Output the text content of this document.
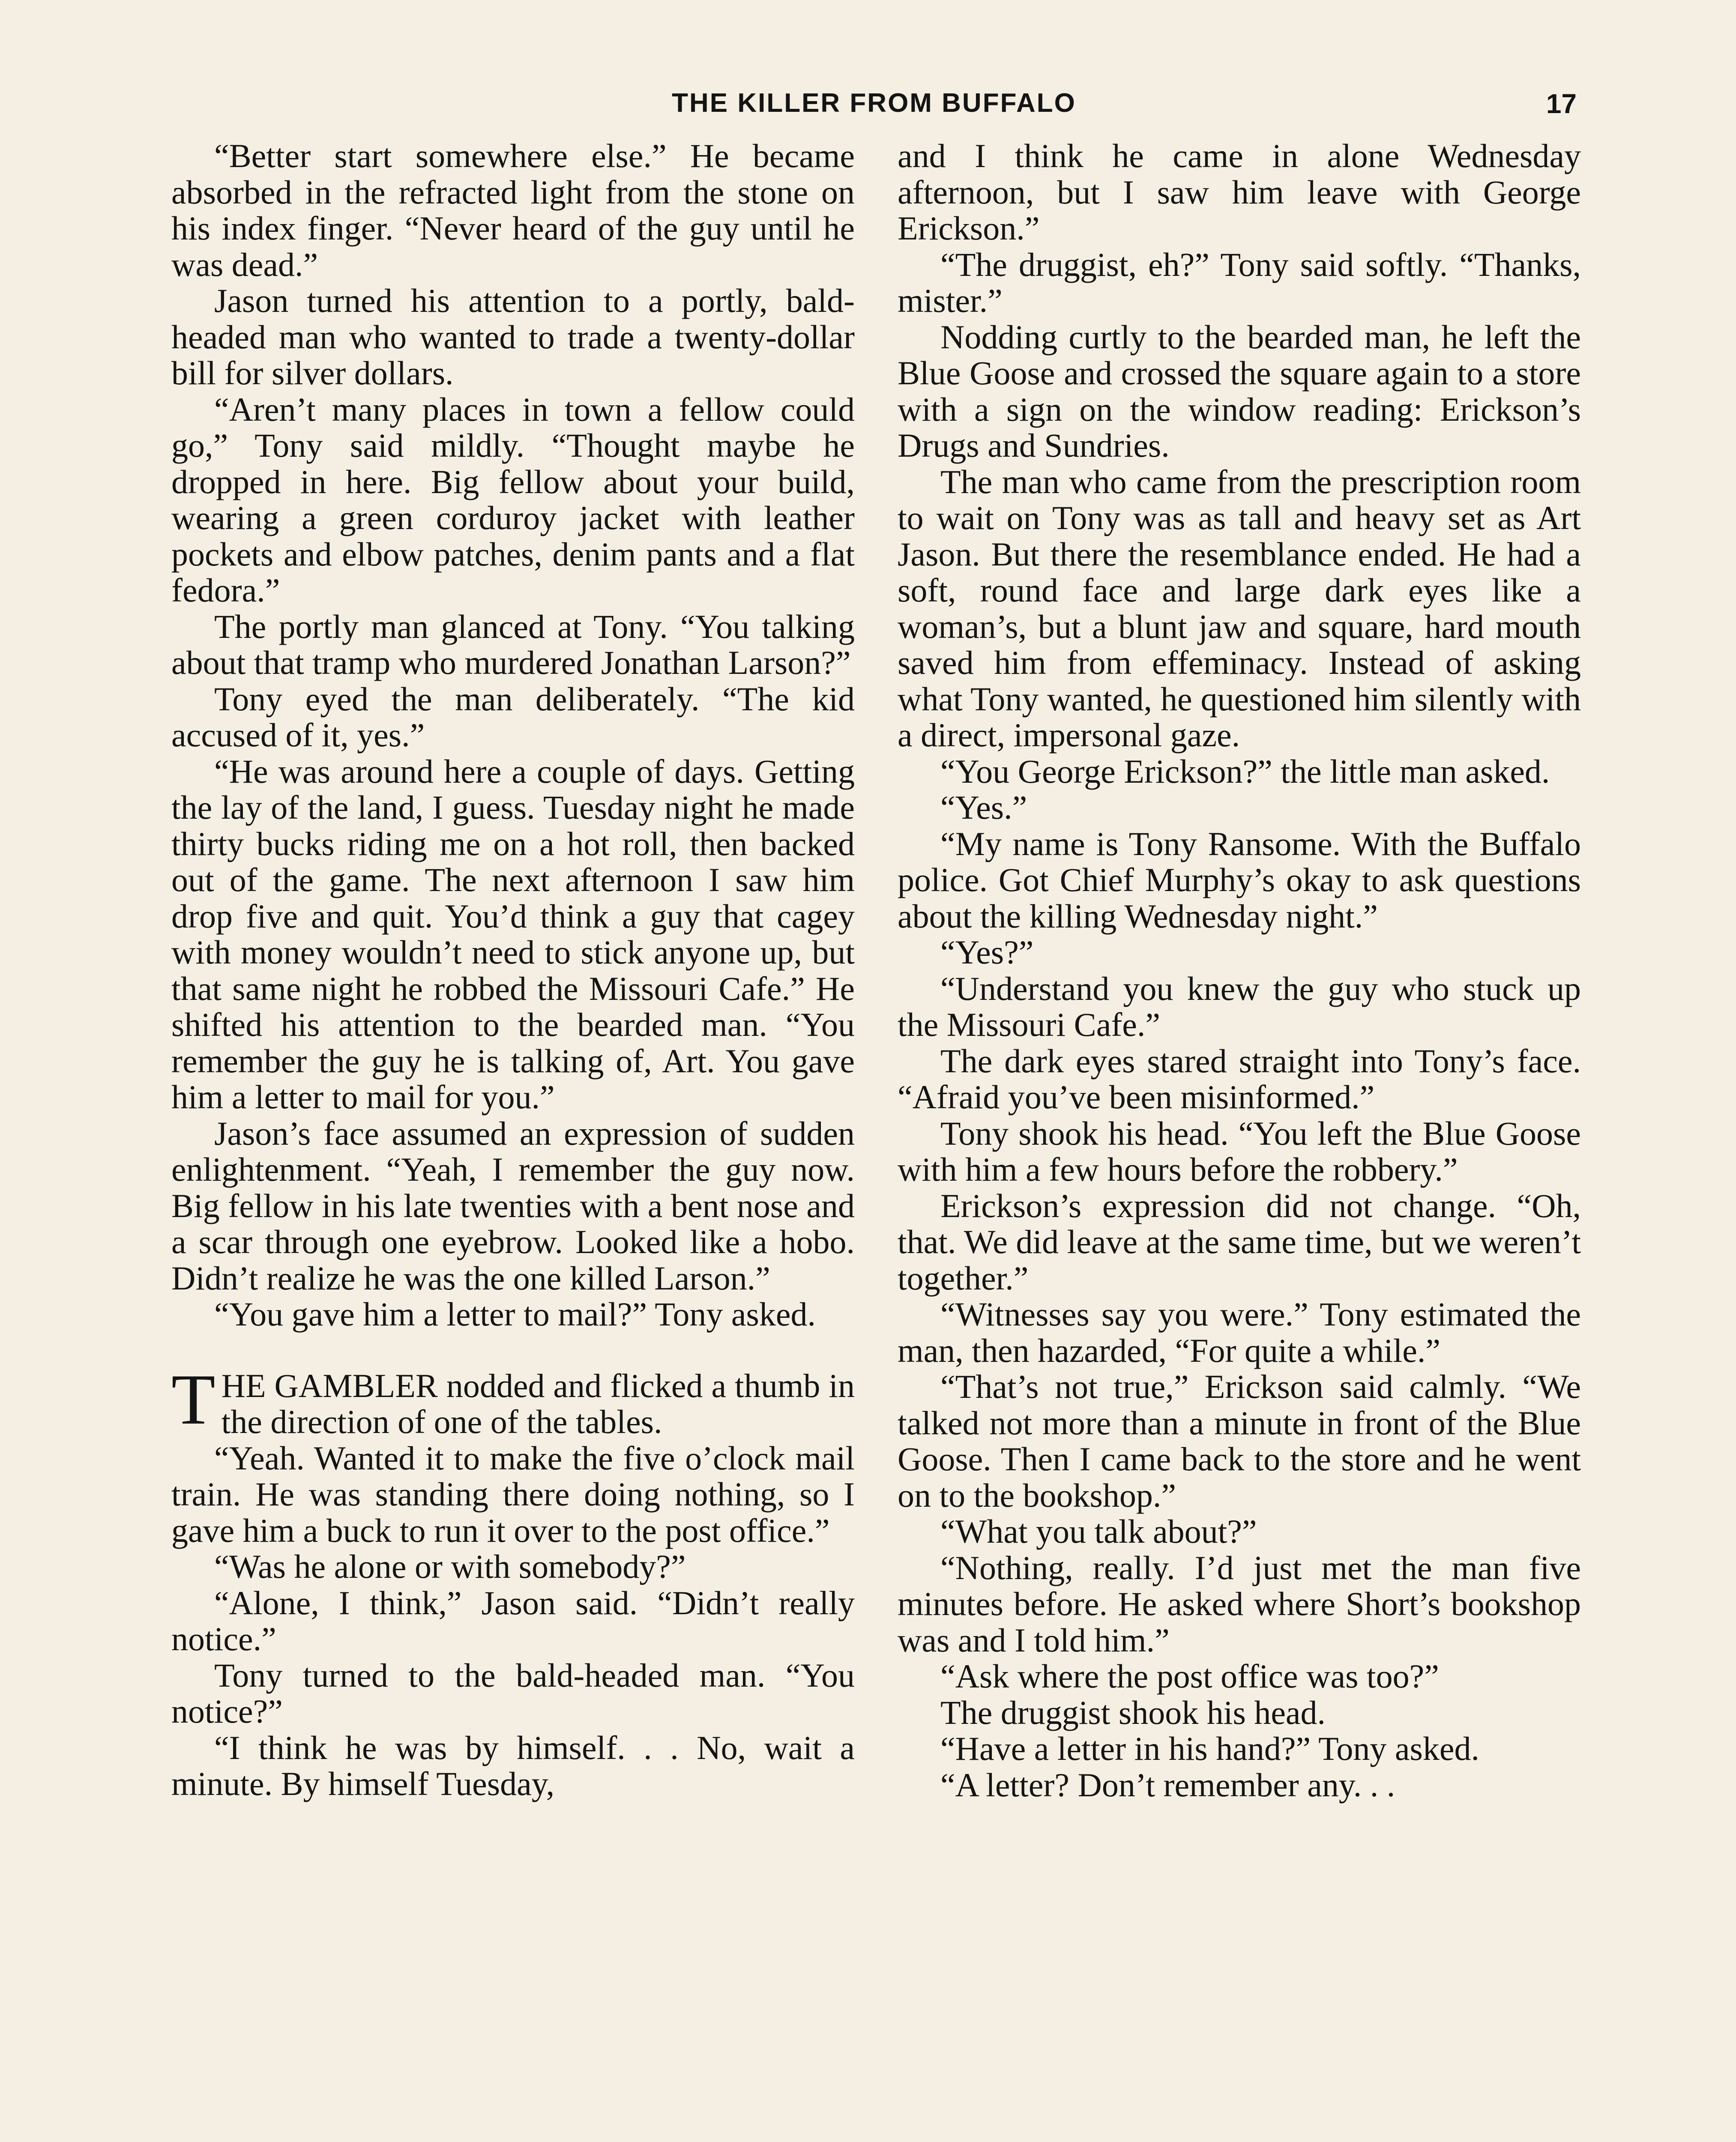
THE KILLER FROM BUFFALO	17

“Better start somewhere else.” He became absorbed in the refracted light from the stone on his index finger. “Never heard of the guy until he was dead.”

Jason turned his attention to a portly, bald-headed man who wanted to trade a twenty-dollar bill for silver dollars.

“Aren’t many places in town a fellow could go,” Tony said mildly. “Thought maybe he dropped in here. Big fellow about your build, wearing a green corduroy jacket with leather pockets and elbow patches, denim pants and a flat fedora.”

The portly man glanced at Tony. “You talking about that tramp who murdered Jonathan Larson?”

Tony eyed the man deliberately. “The kid accused of it, yes.”

“He was around here a couple of days. Getting the lay of the land, I guess. Tuesday night he made thirty bucks riding me on a hot roll, then backed out of the game. The next afternoon I saw him drop five and quit. You’d think a guy that cagey with money wouldn’t need to stick anyone up, but that same night he robbed the Missouri Cafe.” He shifted his attention to the bearded man. “You remember the guy he is talking of, Art. You gave him a letter to mail for you.”

Jason’s face assumed an expression of sudden enlightenment. “Yeah, I remember the guy now. Big fellow in his late twenties with a bent nose and a scar through one eyebrow. Looked like a hobo. Didn’t realize he was the one killed Larson.”

“You gave him a letter to mail?” Tony asked.

THE GAMBLER nodded and flicked a thumb in the direction of one of the tables.

“Yeah. Wanted it to make the five o’clock mail train. He was standing there doing nothing, so I gave him a buck to run it over to the post office.”

“Was he alone or with somebody?”

“Alone, I think,” Jason said. “Didn’t really notice.”

Tony turned to the bald-headed man. “You notice?”

“I think he was by himself. . . No, wait a minute. By himself Tuesday,

and I think he came in alone Wednesday afternoon, but I saw him leave with George Erickson.”

“The druggist, eh?” Tony said softly. “Thanks, mister.”

Nodding curtly to the bearded man, he left the Blue Goose and crossed the square again to a store with a sign on the window reading: Erickson’s Drugs and Sundries.

The man who came from the prescription room to wait on Tony was as tall and heavy set as Art Jason. But there the resemblance ended. He had a soft, round face and large dark eyes like a woman’s, but a blunt jaw and square, hard mouth saved him from effeminacy. Instead of asking what Tony wanted, he questioned him silently with a direct, impersonal gaze.

“You George Erickson?” the little man asked.

“Yes.”

“My name is Tony Ransome. With the Buffalo police. Got Chief Murphy’s okay to ask questions about the killing Wednesday night.”

“Yes?”

“Understand you knew the guy who stuck up the Missouri Cafe.”

The dark eyes stared straight into Tony’s face. “Afraid you’ve been misinformed.”

Tony shook his head. “You left the Blue Goose with him a few hours before the robbery.”

Erickson’s expression did not change. “Oh, that. We did leave at the same time, but we weren’t together.”

“Witnesses say you were.” Tony estimated the man, then hazarded, “For quite a while.”

“That’s not true,” Erickson said calmly. “We talked not more than a minute in front of the Blue Goose. Then I came back to the store and he went on to the bookshop.”

“What you talk about?”

“Nothing, really. I’d just met the man five minutes before. He asked where Short’s bookshop was and I told him.”

“Ask where the post office was too?”

The druggist shook his head.

“Have a letter in his hand?” Tony asked.

“A letter? Don’t remember any. . .
